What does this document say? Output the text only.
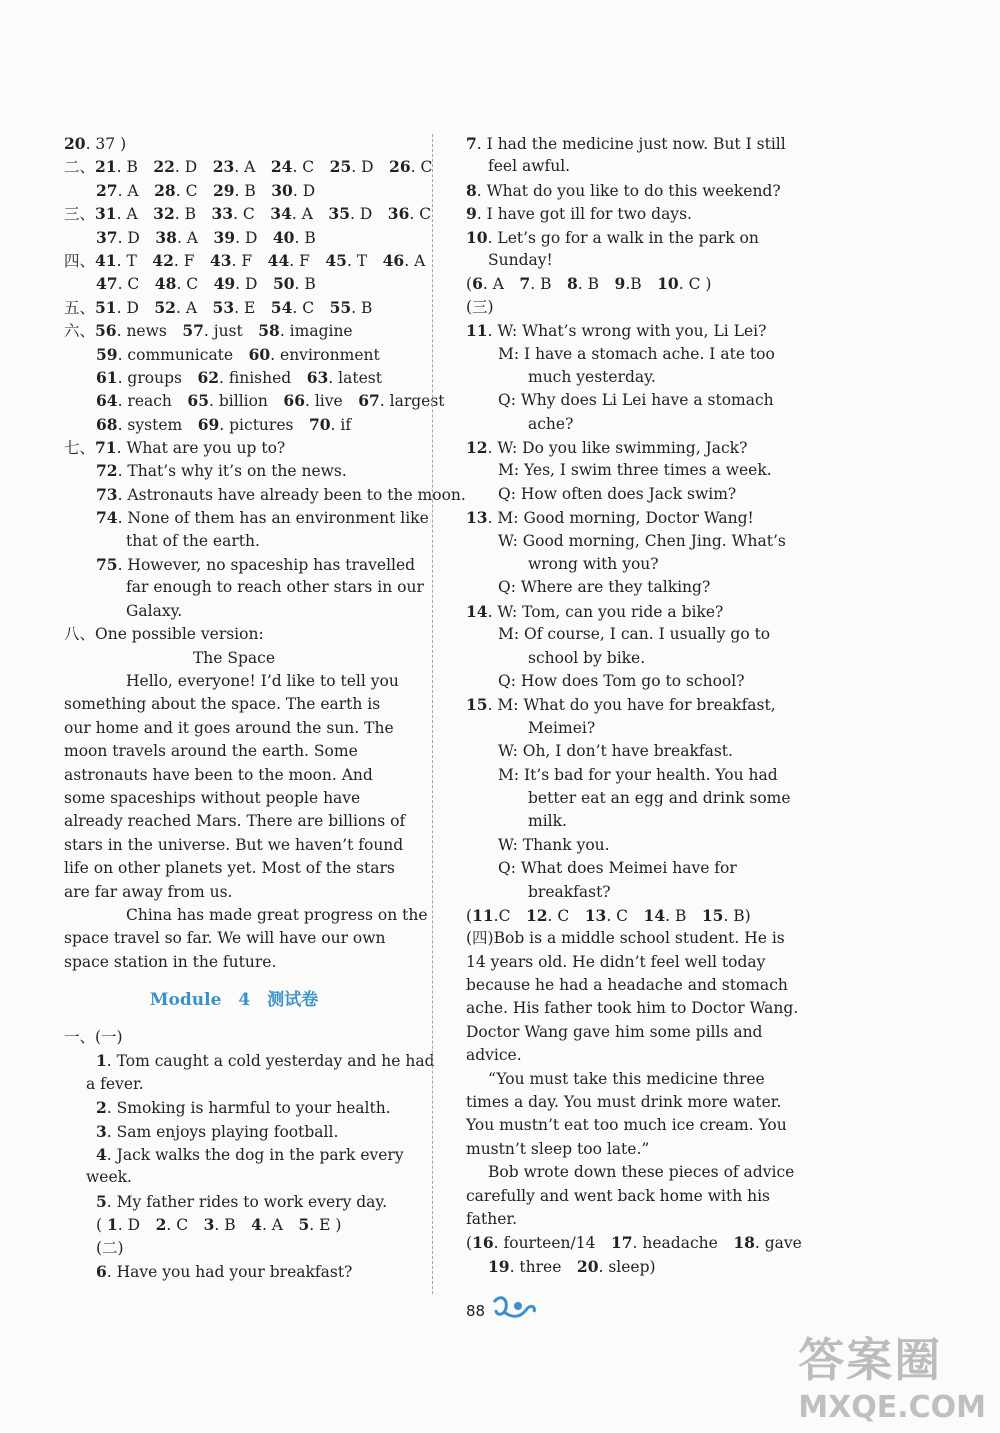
20. 37 )
二、21. B　22. D　23. A　24. C　25. D　26. C
27. A　28. C　29. B　30. D
三、31. A　32. B　33. C　34. A　35. D　36. C
37. D　38. A　39. D　40. B
四、41. T　42. F　43. F　44. F　45. T　46. A
47. C　48. C　49. D　50. B
五、51. D　52. A　53. E　54. C　55. B
六、56. news　57. just　58. imagine
59. communicate　60. environment
61. groups　62. finished　63. latest
64. reach　65. billion　66. live　67. largest
68. system　69. pictures　70. if
七、71. What are you up to?
72. That’s why it’s on the news.
73. Astronauts have already been to the moon.
74. None of them has an environment like
that of the earth.
75. However, no spaceship has travelled
far enough to reach other stars in our
Galaxy.
八、One possible version:
The Space
Hello, everyone! I’d like to tell you
something about the space. The earth is
our home and it goes around the sun. The
moon travels around the earth. Some
astronauts have been to the moon. And
some spaceships without people have
already reached Mars. There are billions of
stars in the universe. But we haven’t found
life on other planets yet. Most of the stars
are far away from us.
China has made great progress on the
space travel so far. We will have our own
space station in the future.
Module　4　测试卷
一、(一)
1. Tom caught a cold yesterday and he had
a fever.
2. Smoking is harmful to your health.
3. Sam enjoys playing football.
4. Jack walks the dog in the park every
week.
5. My father rides to work every day.
( 1. D　2. C　3. B　4. A　5. E )
(二)
6. Have you had your breakfast?
7. I had the medicine just now. But I still
feel awful.
8. What do you like to do this weekend?
9. I have got ill for two days.
10. Let’s go for a walk in the park on
Sunday!
(6. A　7. B　8. B　9.B　10. C )
(三)
11. W: What’s wrong with you, Li Lei?
M: I have a stomach ache. I ate too
much yesterday.
Q: Why does Li Lei have a stomach
ache?
12. W: Do you like swimming, Jack?
M: Yes, I swim three times a week.
Q: How often does Jack swim?
13. M: Good morning, Doctor Wang!
W: Good morning, Chen Jing. What’s
wrong with you?
Q: Where are they talking?
14. W: Tom, can you ride a bike?
M: Of course, I can. I usually go to
school by bike.
Q: How does Tom go to school?
15. M: What do you have for breakfast,
Meimei?
W: Oh, I don’t have breakfast.
M: It’s bad for your health. You had
better eat an egg and drink some
milk.
W: Thank you.
Q: What does Meimei have for
breakfast?
(11.C　12. C　13. C　14. B　15. B)
(四)Bob is a middle school student. He is
14 years old. He didn’t feel well today
because he had a headache and stomach
ache. His father took him to Doctor Wang.
Doctor Wang gave him some pills and
advice.
“You must take this medicine three
times a day. You must drink more water.
You mustn’t eat too much ice cream. You
mustn’t sleep too late.”
Bob wrote down these pieces of advice
carefully and went back home with his
father.
(16. fourteen/14　17. headache　18. gave
19. three　20. sleep)
88
答案圈
MXQE.COM
